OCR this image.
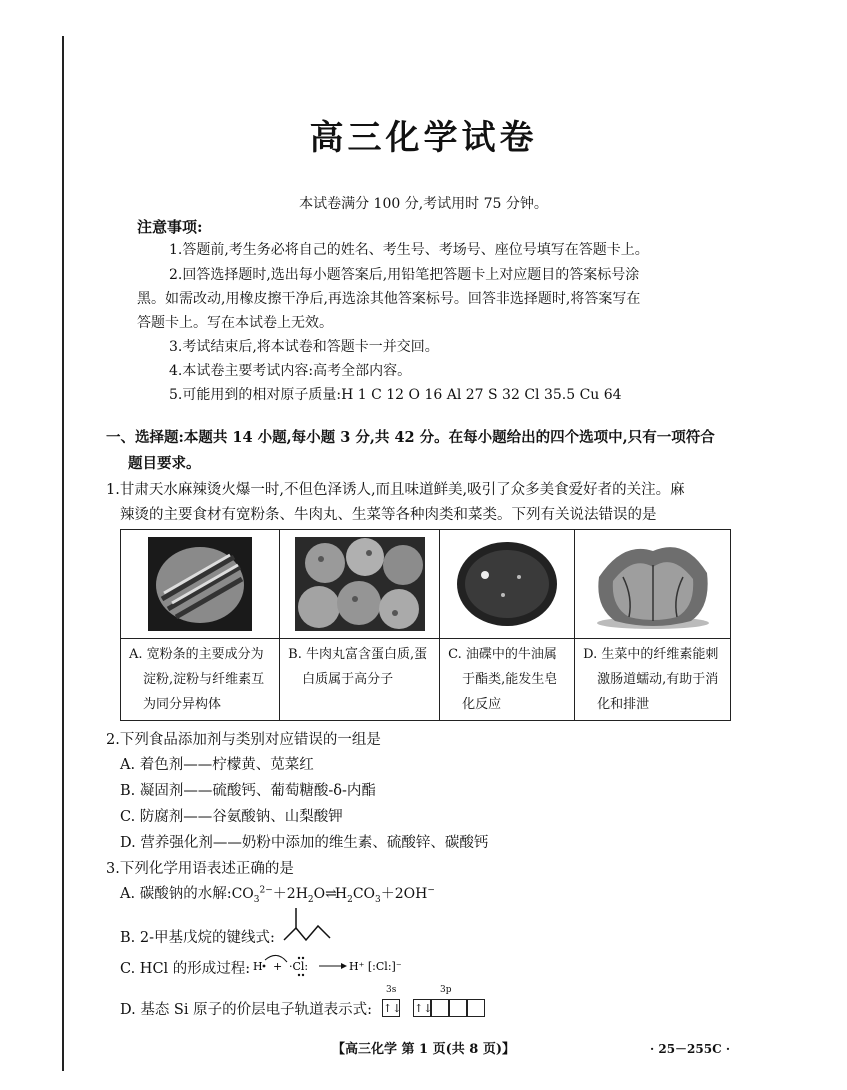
高三化学试卷
本试卷满分 100 分,考试用时 75 分钟。
注意事项:
1.答题前,考生务必将自己的姓名、考生号、考场号、座位号填写在答题卡上。
2.回答选择题时,选出每小题答案后,用铅笔把答题卡上对应题目的答案标号涂
黑。如需改动,用橡皮擦干净后,再选涂其他答案标号。回答非选择题时,将答案写在
答题卡上。写在本试卷上无效。
3.考试结束后,将本试卷和答题卡一并交回。
4.本试卷主要考试内容:高考全部内容。
5.可能用到的相对原子质量:H 1 C 12 O 16 Al 27 S 32 Cl 35.5 Cu 64
一、选择题:本题共 14 小题,每小题 3 分,共 42 分。在每小题给出的四个选项中,只有一项符合
题目要求。
1.甘肃天水麻辣烫火爆一时,不但色泽诱人,而且味道鲜美,吸引了众多美食爱好者的关注。麻
辣烫的主要食材有宽粉条、牛肉丸、生菜等各种肉类和菜类。下列有关说法错误的是
A. 宽粉条的主要成分为
淀粉,淀粉与纤维素互
为同分异构体

B. 牛肉丸富含蛋白质,蛋
白质属于高分子

C. 油碟中的牛油属
于酯类,能发生皂
化反应

D. 生菜中的纤维素能刺
激肠道蠕动,有助于消
化和排泄
2.下列食品添加剂与类别对应错误的一组是
A. 着色剂——柠檬黄、苋菜红
B. 凝固剂——硫酸钙、葡萄糖酸-δ-内酯
C. 防腐剂——谷氨酸钠、山梨酸钾
D. 营养强化剂——奶粉中添加的维生素、硫酸锌、碳酸钙
3.下列化学用语表述正确的是
A. 碳酸钠的水解$:CO_3^{2-}+2H_2O\rightleftharpoons H_2CO_3+2OH^-$
B. 2-甲基戊烷的键线式:
C. HCl 的形成过程: H + ·Cl:	H⁺ [:Cl:]⁻
D. 基态 Si 原子的价层电子轨道表示式:
3s	3p
↑↓ ↑↓
【高三化学 第 1 页(共 8 页)】	· 25－255C ·
